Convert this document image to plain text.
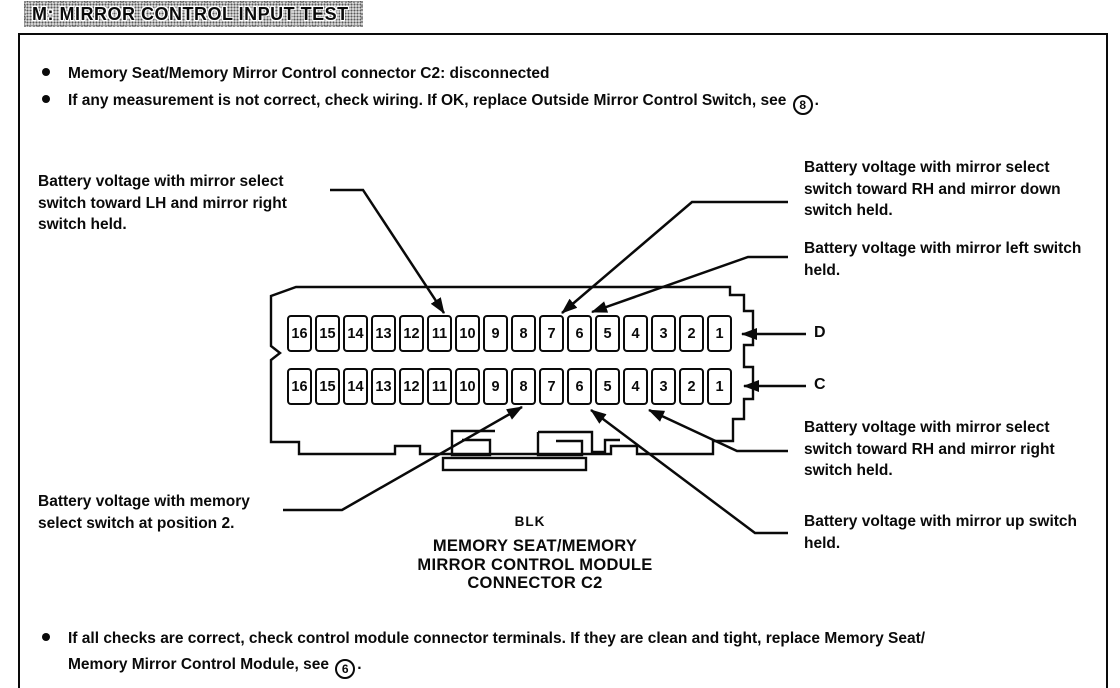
M: MIRROR CONTROL INPUT TEST
Memory Seat/Memory Mirror Control connector C2: disconnected
If any measurement is not correct, check wiring. If OK, replace Outside Mirror Control Switch, see 8 .
Battery voltage with mirror select switch toward LH and mirror right switch held.
Battery voltage with mirror select switch toward RH and mirror down switch held.
Battery voltage with mirror left switch held.
Battery voltage with mirror select switch toward RH and mirror right switch held.
Battery voltage with mirror up switch held.
Battery voltage with memory select switch at position 2.
16 15 14 13 12 11 10	9	8	7	6	5	4	3	2	1
16 15 14 13 12 11 10	9	8	7	6	5	4	3	2	1
D
C
BLK
MEMORY SEAT/MEMORY
MIRROR CONTROL MODULE
CONNECTOR C2
If all checks are correct, check control module connector terminals. If they are clean and tight, replace Memory Seat/
Memory Mirror Control Module, see 6 .
